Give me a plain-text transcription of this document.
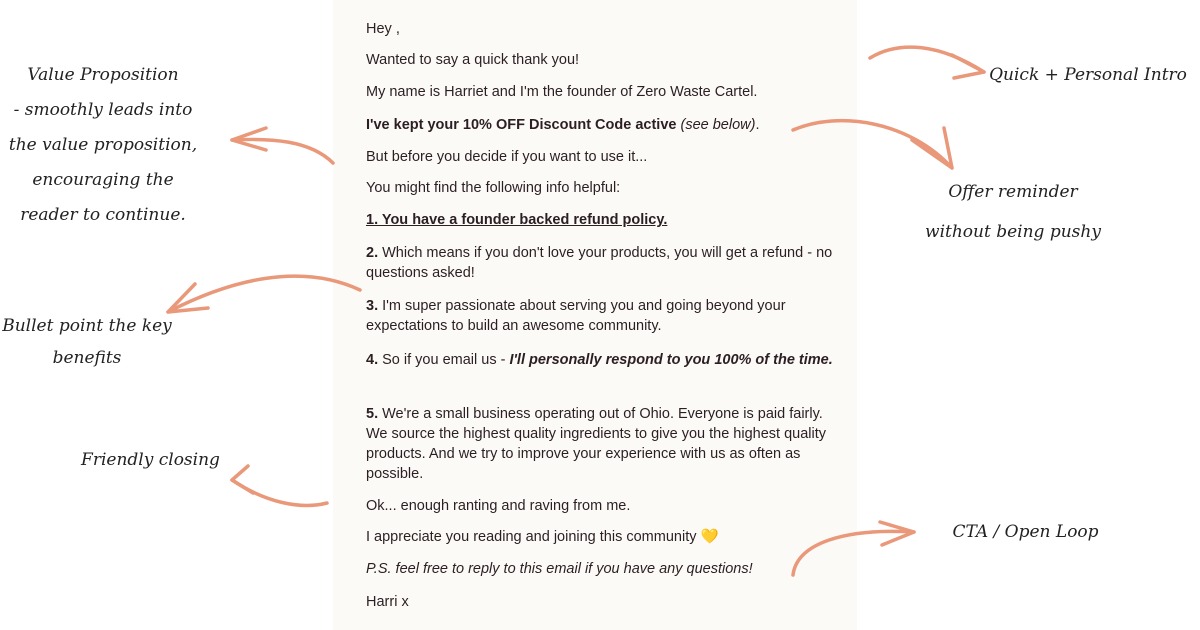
Hey ,

Wanted to say a quick thank you!

My name is Harriet and I'm the founder of Zero Waste Cartel.

I've kept your 10% OFF Discount Code active (see below).

But before you decide if you want to use it...

You might find the following info helpful:

1. You have a founder backed refund policy.

2. Which means if you don't love your products, you will get a refund - no questions asked!

3. I'm super passionate about serving you and going beyond your expectations to build an awesome community.

4. So if you email us - I'll personally respond to you 100% of the time.

5. We're a small business operating out of Ohio. Everyone is paid fairly. We source the highest quality ingredients to give you the highest quality products. And we try to improve your experience with us as often as possible.

Ok... enough ranting and raving from me.

I appreciate you reading and joining this community 💛

P.S. feel free to reply to this email if you have any questions!

Harri x

Value Proposition
- smoothly leads into
the value proposition,
encouraging the
reader to continue.
Bullet point the key
benefits
Friendly closing
Quick + Personal Intro
Offer reminder
without being pushy
CTA / Open Loop
